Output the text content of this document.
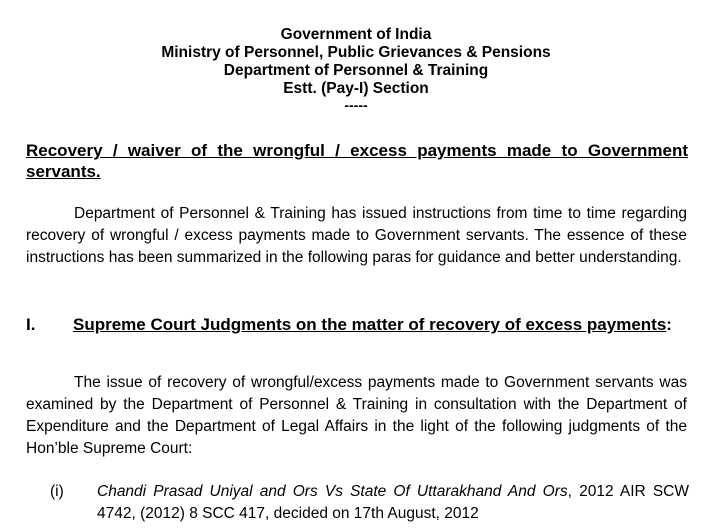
Government of India
Ministry of Personnel, Public Grievances & Pensions
Department of Personnel & Training
Estt. (Pay-I) Section
-----
Recovery / waiver of the wrongful / excess payments made to Government servants.
Department of Personnel & Training has issued instructions from time to time regarding recovery of wrongful / excess payments made to Government servants. The essence of these instructions has been summarized in the following paras for guidance and better understanding.
I. Supreme Court Judgments on the matter of recovery of excess payments:
The issue of recovery of wrongful/excess payments made to Government servants was examined by the Department of Personnel & Training in consultation with the Department of Expenditure and the Department of Legal Affairs in the light of the following judgments of the Hon’ble Supreme Court:
(i) Chandi Prasad Uniyal and Ors Vs State Of Uttarakhand And Ors, 2012 AIR SCW 4742, (2012) 8 SCC 417, decided on 17th August, 2012
